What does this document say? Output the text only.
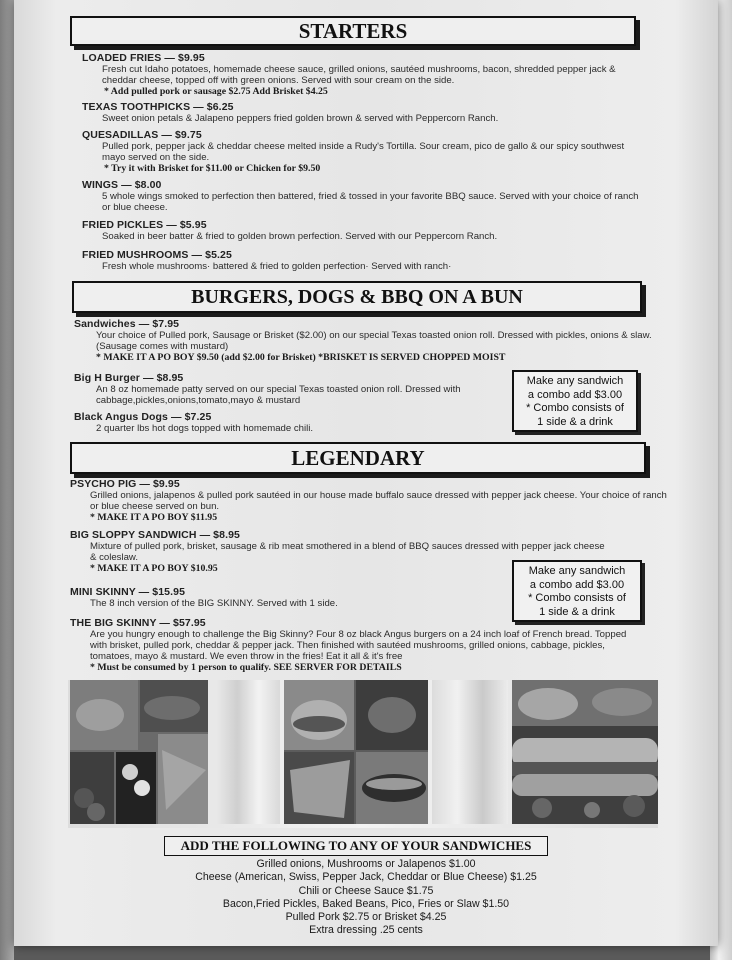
STARTERS
LOADED FRIES — $9.95
Fresh cut Idaho potatoes, homemade cheese sauce, grilled onions, sautéed mushrooms, bacon, shredded pepper jack & cheddar cheese, topped off with green onions. Served with sour cream on the side.
* Add pulled pork or sausage $2.75 Add Brisket $4.25
TEXAS TOOTHPICKS — $6.25
Sweet onion petals & Jalapeno peppers fried golden brown & served with Peppercorn Ranch.
QUESADILLAS — $9.75
Pulled pork, pepper jack & cheddar cheese melted inside a Rudy's Tortilla. Sour cream, pico de gallo & our spicy southwest mayo served on the side.
* Try it with Brisket for $11.00 or Chicken for $9.50
WINGS — $8.00
5 whole wings smoked to perfection then battered, fried & tossed in your favorite BBQ sauce. Served with your choice of ranch or blue cheese.
FRIED PICKLES — $5.95
Soaked in beer batter & fried to golden brown perfection. Served with our Peppercorn Ranch.
FRIED MUSHROOMS — $5.25
Fresh whole mushrooms· battered & fried to golden perfection· Served with ranch·
BURGERS, DOGS & BBQ ON A BUN
Sandwiches — $7.95
Your choice of Pulled pork, Sausage or Brisket ($2.00) on our special Texas toasted onion roll. Dressed with pickles, onions & slaw. (Sausage comes with mustard)
* MAKE IT A PO BOY $9.50 (add $2.00 for Brisket) *BRISKET IS SERVED CHOPPED MOIST
Big H Burger — $8.95
An 8 oz homemade patty served on our special Texas toasted onion roll. Dressed with cabbage,pickles,onions,tomato,mayo & mustard
Black Angus Dogs — $7.25
2 quarter lbs hot dogs topped with homemade chili.
Make any sandwich
a combo add $3.00
* Combo consists of
1 side & a drink
LEGENDARY
PSYCHO PIG — $9.95
Grilled onions, jalapenos & pulled pork sautéed in our house made buffalo sauce dressed with pepper jack cheese. Your choice of ranch or blue cheese served on bun.
* MAKE IT A PO BOY $11.95
BIG SLOPPY SANDWICH — $8.95
Mixture of pulled pork, brisket, sausage & rib meat smothered in a blend of BBQ sauces dressed with pepper jack cheese & coleslaw.
* MAKE IT A PO BOY $10.95
MINI SKINNY — $15.95
The 8 inch version of the BIG SKINNY. Served with 1 side.
THE BIG SKINNY — $57.95
Are you hungry enough to challenge the Big Skinny? Four 8 oz black Angus burgers on a 24 inch loaf of French bread. Topped with brisket, pulled pork, cheddar & pepper jack. Then finished with sautéed mushrooms, grilled onions, cabbage, pickles, tomatoes, mayo & mustard. We even throw in the fries! Eat it all & it's free
* Must be consumed by 1 person to qualify. SEE SERVER FOR DETAILS
Make any sandwich
a combo add $3.00
* Combo consists of
1 side & a drink
ADD THE FOLLOWING TO ANY OF YOUR SANDWICHES
Grilled onions, Mushrooms or Jalapenos $1.00
Cheese (American, Swiss, Pepper Jack, Cheddar or Blue Cheese) $1.25
Chili or Cheese Sauce $1.75
Bacon,Fried Pickles, Baked Beans, Pico, Fries or Slaw $1.50
Pulled Pork $2.75 or Brisket $4.25
Extra dressing .25 cents
